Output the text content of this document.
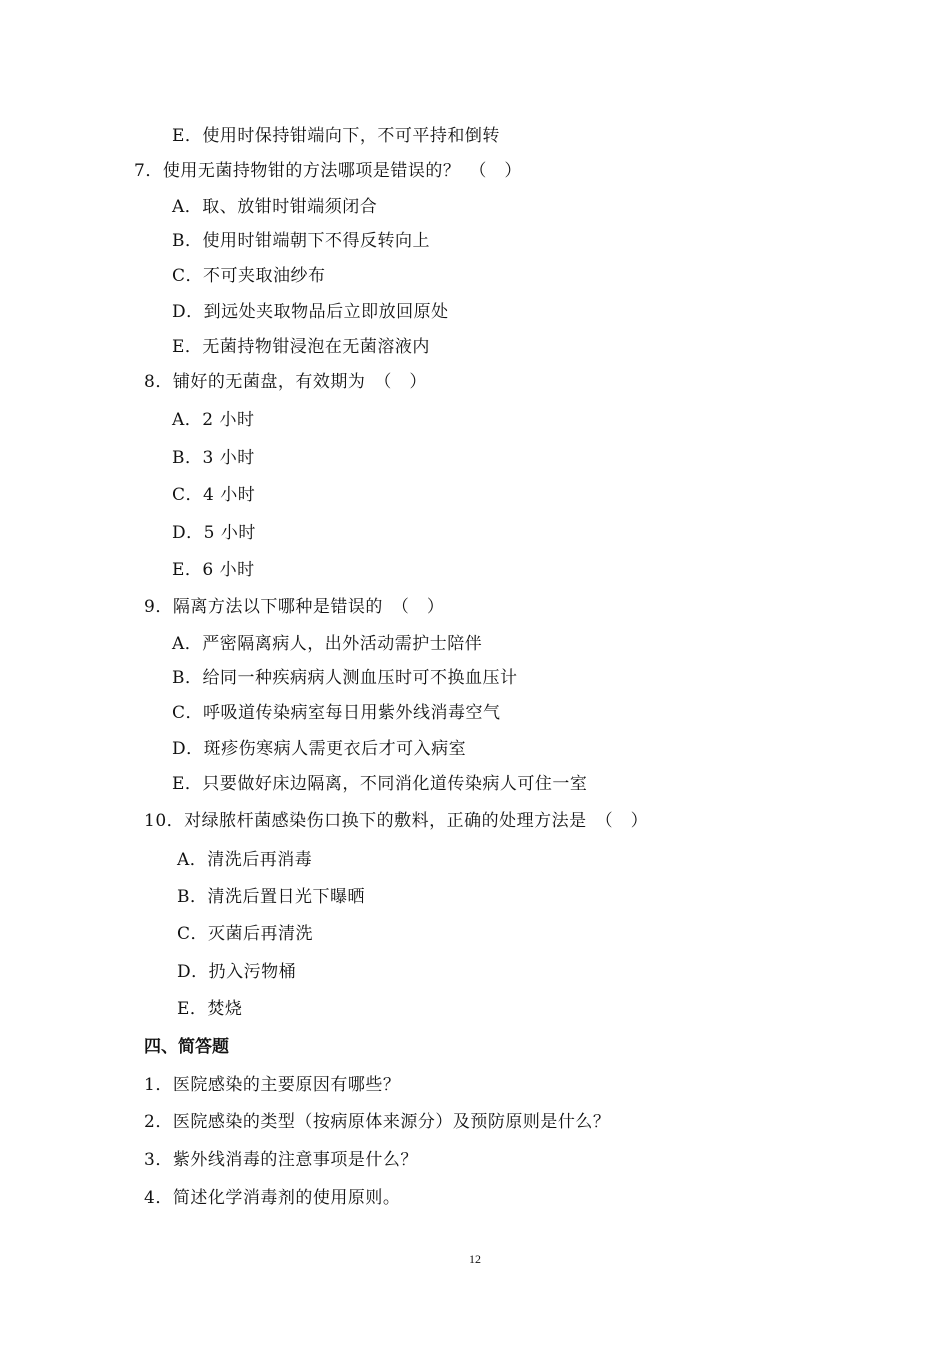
E．使用时保持钳端向下，不可平持和倒转
7．使用无菌持物钳的方法哪项是错误的？　（　）
A．取、放钳时钳端须闭合
B．使用时钳端朝下不得反转向上
C．不可夹取油纱布
D．到远处夹取物品后立即放回原处
E．无菌持物钳浸泡在无菌溶液内
8．铺好的无菌盘，有效期为　（　）
A．2 小时
B．3 小时
C．4 小时
D．5 小时
E．6 小时
9．隔离方法以下哪种是错误的　（　）
A．严密隔离病人，出外活动需护士陪伴
B．给同一种疾病病人测血压时可不换血压计
C．呼吸道传染病室每日用紫外线消毒空气
D．斑疹伤寒病人需更衣后才可入病室
E．只要做好床边隔离，不同消化道传染病人可住一室
10．对绿脓杆菌感染伤口换下的敷料，正确的处理方法是　（　）
A．清洗后再消毒
B．清洗后置日光下曝晒
C．灭菌后再清洗
D．扔入污物桶
E．焚烧
四、简答题
1．医院感染的主要原因有哪些？
2．医院感染的类型（按病原体来源分）及预防原则是什么？
3．紫外线消毒的注意事项是什么？
4．简述化学消毒剂的使用原则。
12
